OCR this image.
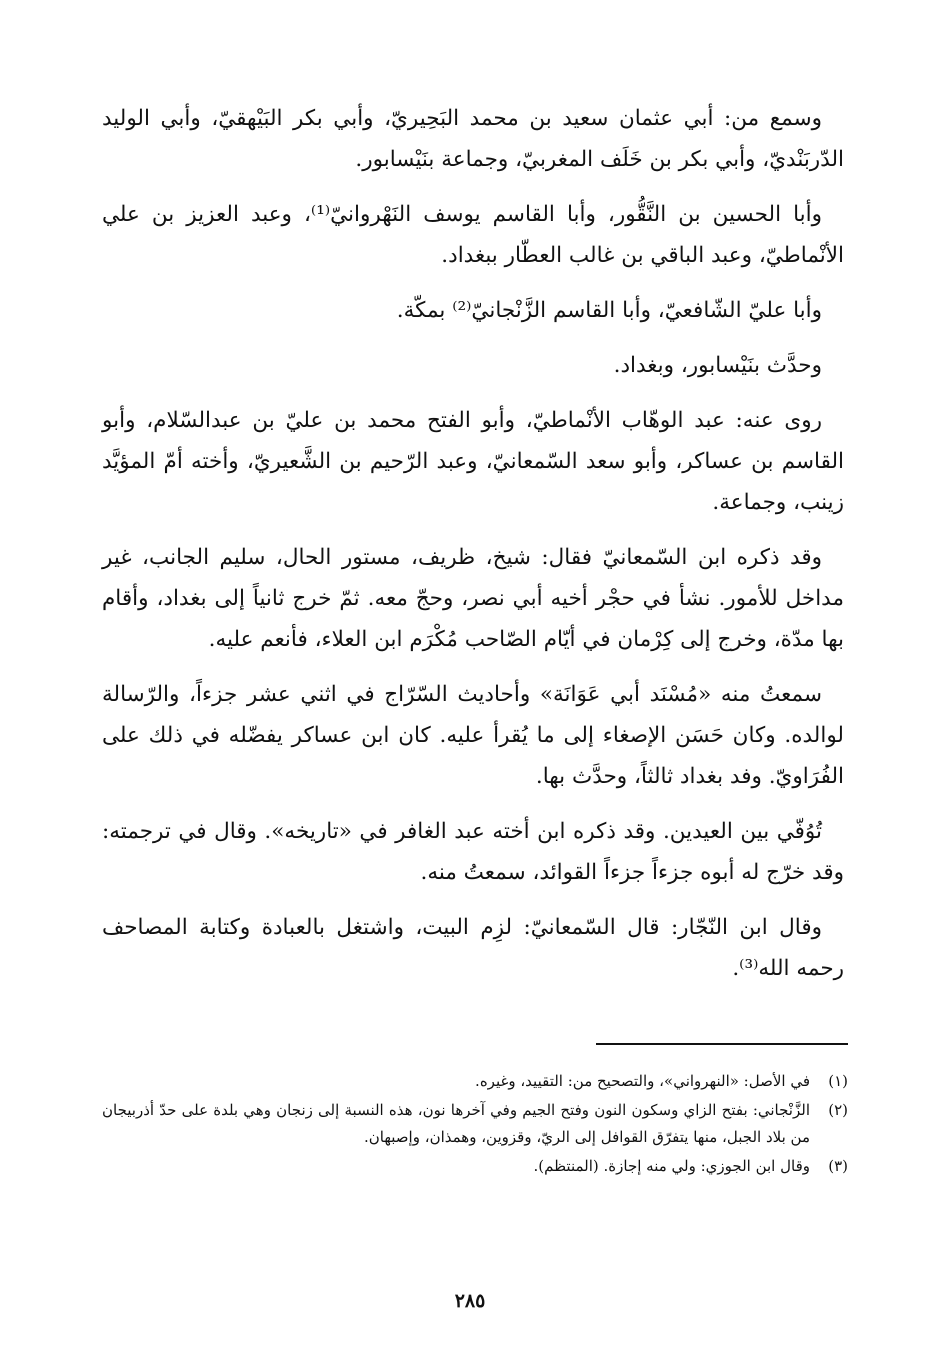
وسمع من: أبي عثمان سعيد بن محمد البَحِيريّ، وأبي بكر البَيْهقيّ، وأبي الوليد الدّربَنْديّ، وأبي بكر بن خَلَف المغربيّ، وجماعة بنَيْسابور.

وأبا الحسين بن النَّقُّور، وأبا القاسم يوسف النَهْروانيّ⁽¹⁾، وعبد العزيز بن علي الأنْماطيّ، وعبد الباقي بن غالب العطّار ببغداد.

وأبا عليّ الشّافعيّ، وأبا القاسم الزَّنْجانيّ⁽²⁾ بمكّة.

وحدَّث بنَيْسابور، وبغداد.

روى عنه: عبد الوهّاب الأنْماطيّ، وأبو الفتح محمد بن عليّ بن عبدالسّلام، وأبو القاسم بن عساكر، وأبو سعد السّمعانيّ، وعبد الرّحيم بن الشَّعيريّ، وأخته أمّ المؤيَّد زينب، وجماعة.

وقد ذكره ابن السّمعانيّ فقال: شيخ، ظريف، مستور الحال، سليم الجانب، غير مداخل للأمور. نشأ في حجْر أخيه أبي نصر، وحجّ معه. ثمّ خرج ثانياً إلى بغداد، وأقام بها مدّة، وخرج إلى كِرْمان في أيّام الصّاحب مُكْرَم ابن العلاء، فأنعم عليه.

سمعتُ منه «مُسْنَد أبي عَوَانَة» وأحاديث السّرّاج في اثني عشر جزءاً، والرّسالة لوالده. وكان حَسَن الإصغاء إلى ما يُقرأ عليه. كان ابن عساكر يفضّله في ذلك على الفُرَاويّ. وفد بغداد ثالثاً، وحدَّث بها.

تُوُفّي بين العيدين. وقد ذكره ابن أخته عبد الغافر في «تاريخه». وقال في ترجمته: وقد خرّج له أبوه جزءاً جزءاً القوائد، سمعتُ منه.

وقال ابن النّجّار: قال السّمعانيّ: لزِم البيت، واشتغل بالعبادة وكتابة المصاحف رحمه الله⁽³⁾.

(١)
في الأصل: «النهرواني»، والتصحيح من: التقييد، وغيره.
(٢)
الزَّنْجاني: بفتح الزاي وسكون النون وفتح الجيم وفي آخرها نون، هذه النسبة إلى زنجان وهي بلدة على حدّ أذربيجان من بلاد الجبل، منها يتفرّق القوافل إلى الريّ، وقزوين، وهمذان، وإصبهان.
(٣)
وقال ابن الجوزي: ولي منه إجازة. (المنتظم).
٢٨٥
